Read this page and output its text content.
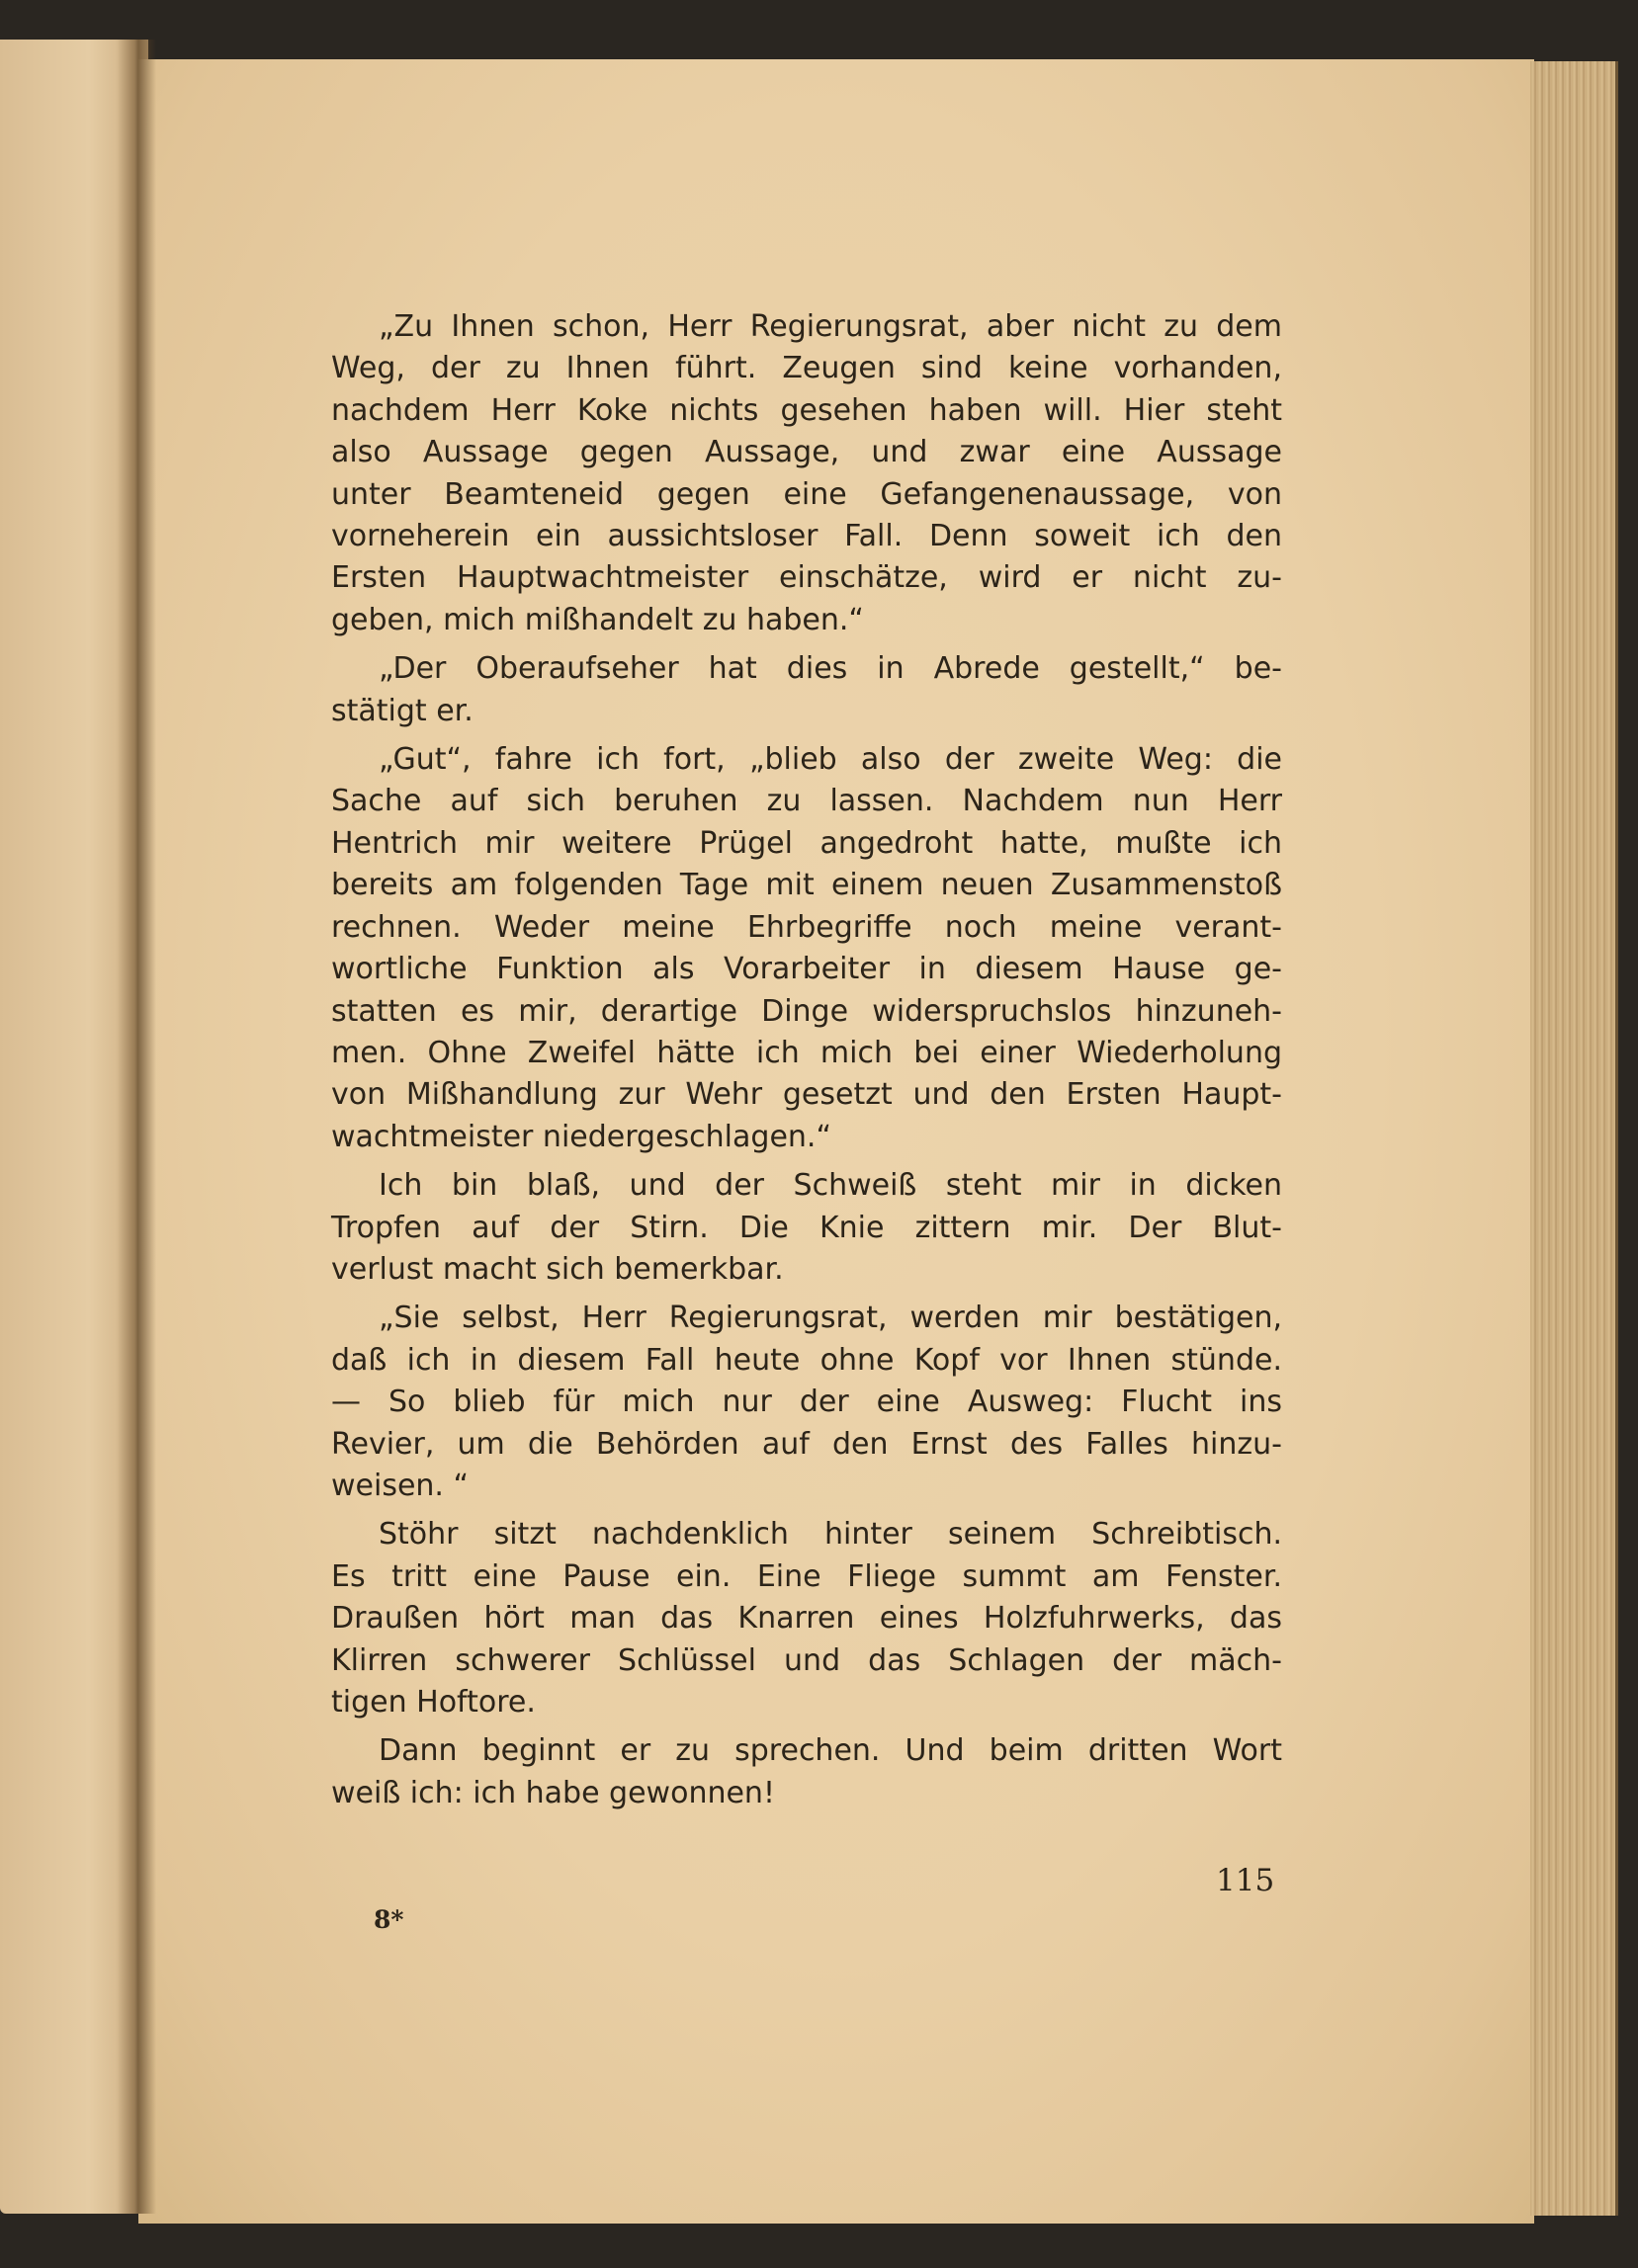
„Zu Ihnen schon, Herr Regierungsrat, aber nicht zu dem
Weg, der zu Ihnen führt. Zeugen sind keine vorhanden,
nachdem Herr Koke nichts gesehen haben will. Hier steht
also Aussage gegen Aussage, und zwar eine Aussage
unter Beamteneid gegen eine Gefangenenaussage, von
vorneherein ein aussichtsloser Fall. Denn soweit ich den
Ersten Hauptwachtmeister einschätze, wird er nicht zu-
geben, mich mißhandelt zu haben.“
„Der Oberaufseher hat dies in Abrede gestellt,“ be-
stätigt er.
„Gut“, fahre ich fort, „blieb also der zweite Weg: die
Sache auf sich beruhen zu lassen. Nachdem nun Herr
Hentrich mir weitere Prügel angedroht hatte, mußte ich
bereits am folgenden Tage mit einem neuen Zusammenstoß
rechnen. Weder meine Ehrbegriffe noch meine verant-
wortliche Funktion als Vorarbeiter in diesem Hause ge-
statten es mir, derartige Dinge widerspruchslos hinzuneh-
men. Ohne Zweifel hätte ich mich bei einer Wiederholung
von Mißhandlung zur Wehr gesetzt und den Ersten Haupt-
wachtmeister niedergeschlagen.“
Ich bin blaß, und der Schweiß steht mir in dicken
Tropfen auf der Stirn. Die Knie zittern mir. Der Blut-
verlust macht sich bemerkbar.
„Sie selbst, Herr Regierungsrat, werden mir bestätigen,
daß ich in diesem Fall heute ohne Kopf vor Ihnen stünde.
— So blieb für mich nur der eine Ausweg: Flucht ins
Revier, um die Behörden auf den Ernst des Falles hinzu-
weisen. “
Stöhr sitzt nachdenklich hinter seinem Schreibtisch.
Es tritt eine Pause ein. Eine Fliege summt am Fenster.
Draußen hört man das Knarren eines Holzfuhrwerks, das
Klirren schwerer Schlüssel und das Schlagen der mäch-
tigen Hoftore.
Dann beginnt er zu sprechen. Und beim dritten Wort
weiß ich: ich habe gewonnen!
115
8*
